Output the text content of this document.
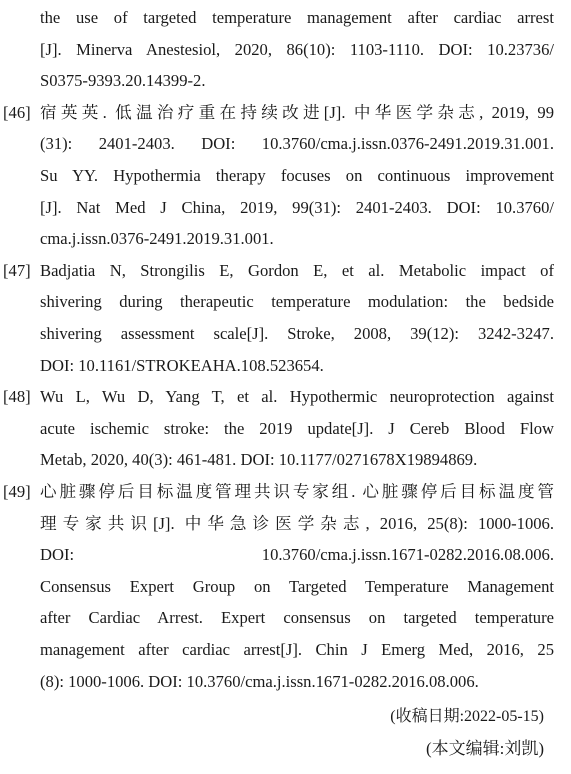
the use of targeted temperature management after cardiac arrest
[J]. Minerva Anestesiol, 2020, 86(10): 1103-1110. DOI: 10.23736/
S0375-9393.20.14399-2.
[46] 宿英英. 低温治疗重在持续改进[J]. 中华医学杂志, 2019, 99
(31): 2401-2403. DOI: 10.3760/cma.j.issn.0376-2491.2019.31.001.
Su YY. Hypothermia therapy focuses on continuous improvement
[J]. Nat Med J China, 2019, 99(31): 2401-2403. DOI: 10.3760/
cma.j.issn.0376-2491.2019.31.001.
[47] Badjatia N, Strongilis E, Gordon E, et al. Metabolic impact of
shivering during therapeutic temperature modulation: the bedside
shivering assessment scale[J]. Stroke, 2008, 39(12): 3242-3247.
DOI: 10.1161/STROKEAHA.108.523654.
[48] Wu L, Wu D, Yang T, et al. Hypothermic neuroprotection against
acute ischemic stroke: the 2019 update[J]. J Cereb Blood Flow
Metab, 2020, 40(3): 461-481. DOI: 10.1177/0271678X19894869.
[49] 心脏骤停后目标温度管理共识专家组. 心脏骤停后目标温度管
理专家共识[J]. 中华急诊医学杂志, 2016, 25(8): 1000-1006.
DOI: 10.3760/cma.j.issn.1671-0282.2016.08.006.
Consensus Expert Group on Targeted Temperature Management
after Cardiac Arrest. Expert consensus on targeted temperature
management after cardiac arrest[J]. Chin J Emerg Med, 2016, 25
(8): 1000-1006. DOI: 10.3760/cma.j.issn.1671-0282.2016.08.006.
(收稿日期:2022-05-15)
(本文编辑:刘凯)
